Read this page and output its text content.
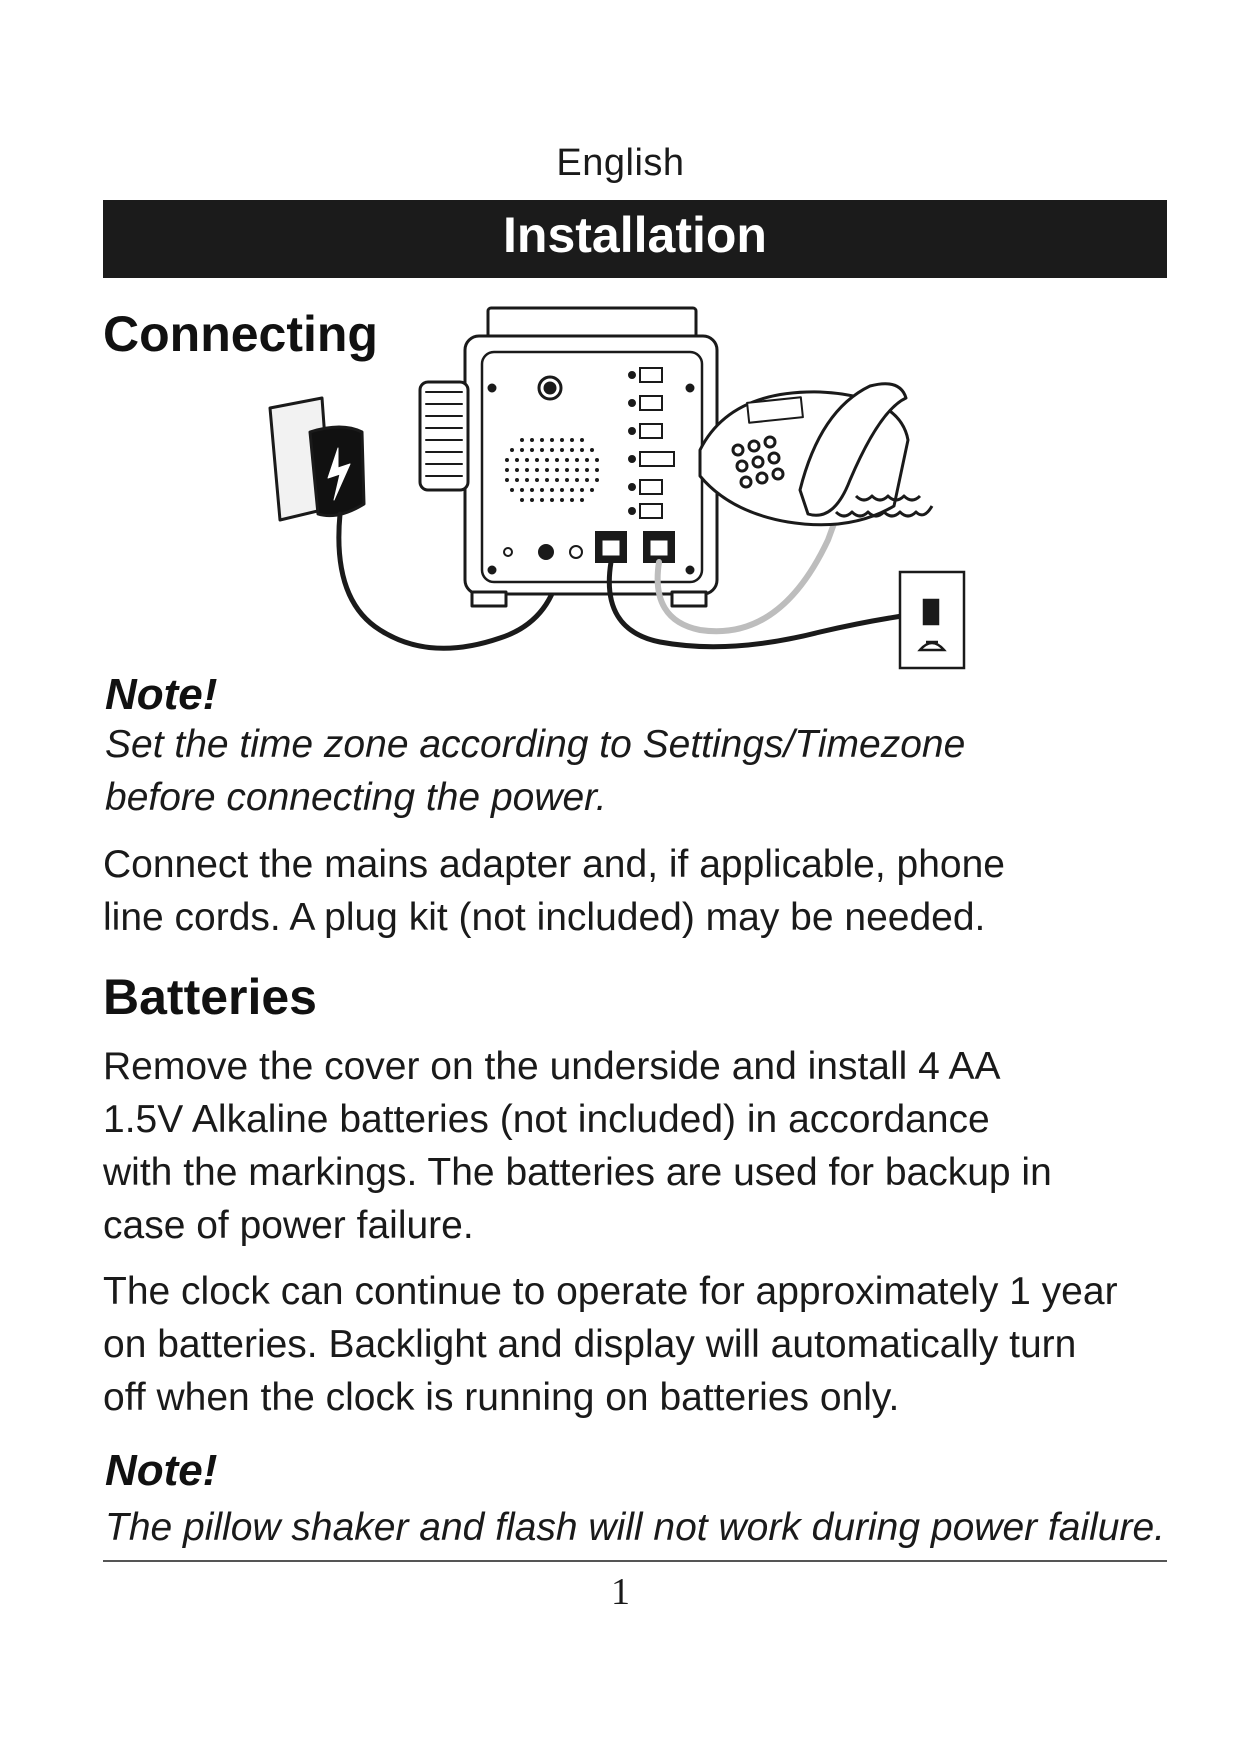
English
Installation
Connecting
Note!
Set the time zone according to Settings/Timezone
before connecting the power.
Connect the mains adapter and, if applicable, phone
line cords. A plug kit (not included) may be needed.
Batteries
Remove the cover on the underside and install 4 AA
1.5V Alkaline batteries (not included) in accordance
with the markings. The batteries are used for backup in
case of power failure.
The clock can continue to operate for approximately 1 year
on batteries. Backlight and display will automatically turn
off when the clock is running on batteries only.
Note!
The pillow shaker and flash will not work during power failure.
1
